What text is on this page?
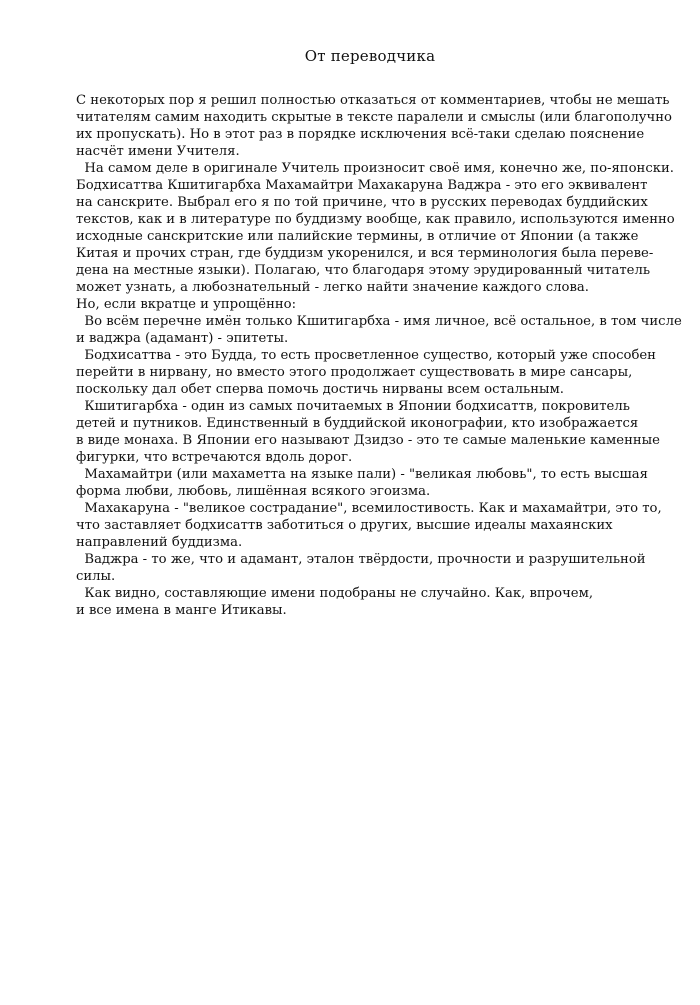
От переводчика
С некоторых пор я решил полностью отказаться от комментариев, чтобы не мешать
читателям самим находить скрытые в тексте паралели и смыслы (или благополучно
их пропускать). Но в этот раз в порядке исключения всё-таки сделаю пояснение
насчёт имени Учителя.
На самом деле в оригинале Учитель произносит своё имя, конечно же, по-японски.
Бодхисаттва Кшитигарбха Махамайтри Махакаруна Ваджра - это его эквивалент
на санскрите. Выбрал его я по той причине, что в русских переводах буддийских
текстов, как и в литературе по буддизму вообще, как правило, используются именно
исходные санскритские или палийские термины, в отличие от Японии (а также
Китая и прочих стран, где буддизм укоренился, и вся терминология была переве-
дена на местные языки). Полагаю, что благодаря этому эрудированный читатель
может узнать, а любознательный - легко найти значение каждого слова.
Но, если вкратце и упрощённо:
Во всём перечне имён только Кшитигарбха - имя личное, всё остальное, в том числе
и ваджра (адамант) - эпитеты.
Бодхисаттва - это Будда, то есть просветленное существо, который уже способен
перейти в нирвану, но вместо этого продолжает существовать в мире сансары,
поскольку дал обет сперва помочь достичь нирваны всем остальным.
Кшитигарбха - один из самых почитаемых в Японии бодхисаттв, покровитель
детей и путников. Единственный в буддийской иконографии, кто изображается
в виде монаха. В Японии его называют Дзидзо - это те самые маленькие каменные
фигурки, что встречаются вдоль дорог.
Махамайтри (или махаметта на языке пали) - "великая любовь", то есть высшая
форма любви, любовь, лишённая всякого эгоизма.
Махакаруна - "великое сострадание", всемилостивость. Как и махамайтри, это то,
что заставляет бодхисаттв заботиться о других, высшие идеалы махаянских
направлений буддизма.
Ваджра - то же, что и адамант, эталон твёрдости, прочности и разрушительной
силы.
Как видно, составляющие имени подобраны не случайно. Как, впрочем,
и все имена в манге Итикавы.
